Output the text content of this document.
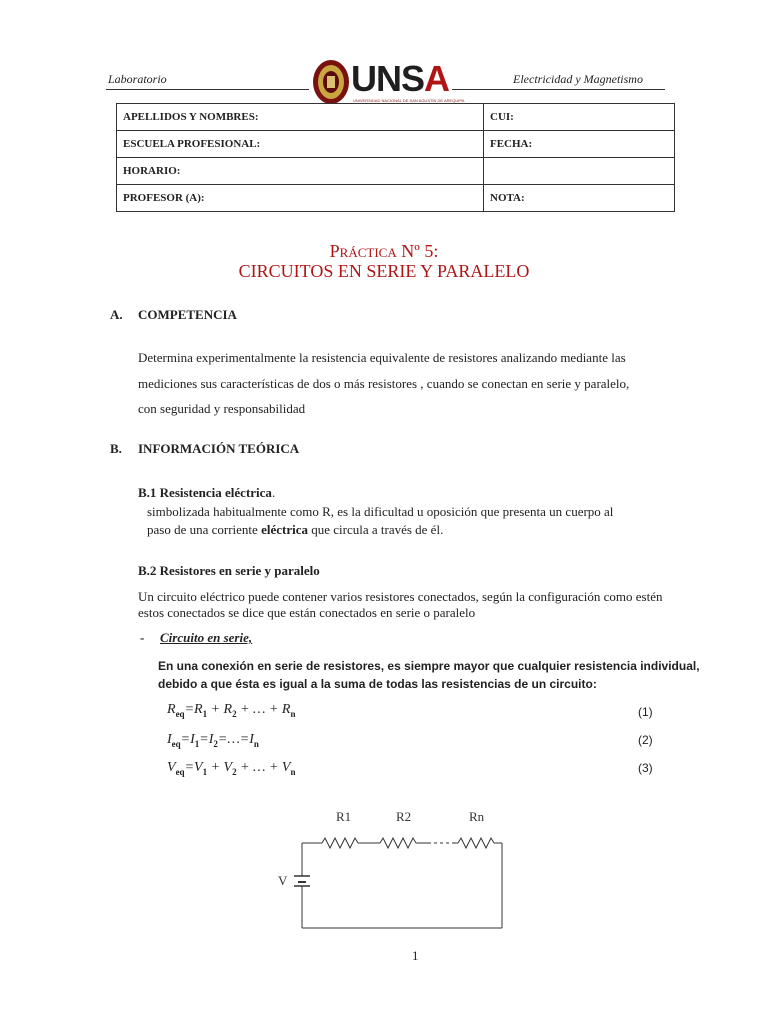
Laboratorio	UNSA
UNIVERSIDAD NACIONAL DE SAN AGUSTÍN DE AREQUIPA
Electricidad y Magnetismo
APELLIDOS Y NOMBRES:	CUI:
ESCUELA PROFESIONAL:	FECHA:
HORARIO:	
PROFESOR (A):	NOTA:
PRÁCTICA Nº 5:
CIRCUITOS EN SERIE Y PARALELO
A. COMPETENCIA
Determina experimentalmente la resistencia equivalente de resistores analizando mediante las
mediciones sus características de dos o más resistores , cuando se conectan en serie y paralelo,
con seguridad y responsabilidad
B. INFORMACIÓN TEÓRICA
B.1 Resistencia eléctrica.
simbolizada habitualmente como R, es la dificultad u oposición que presenta un cuerpo al
paso de una corriente eléctrica que circula a través de él.
B.2 Resistores en serie y paralelo
Un circuito eléctrico puede contener varios resistores conectados, según la configuración como estén
estos conectados se dice que están conectados en serie o paralelo
- Circuito en serie,
En una conexión en serie de resistores, es siempre mayor que cualquier resistencia individual,
debido a que ésta es igual a la suma de todas las resistencias de un circuito:
$R_{eq}=R_1 + R_2$ + … + $R_n$	(1)
$I_{eq}=I_1=I_2=\dots=I_n$	(2)
$V_{eq}=V_1 + V_2$ + … + $V_n$	(3)
R1	R2	Rn
V
1
